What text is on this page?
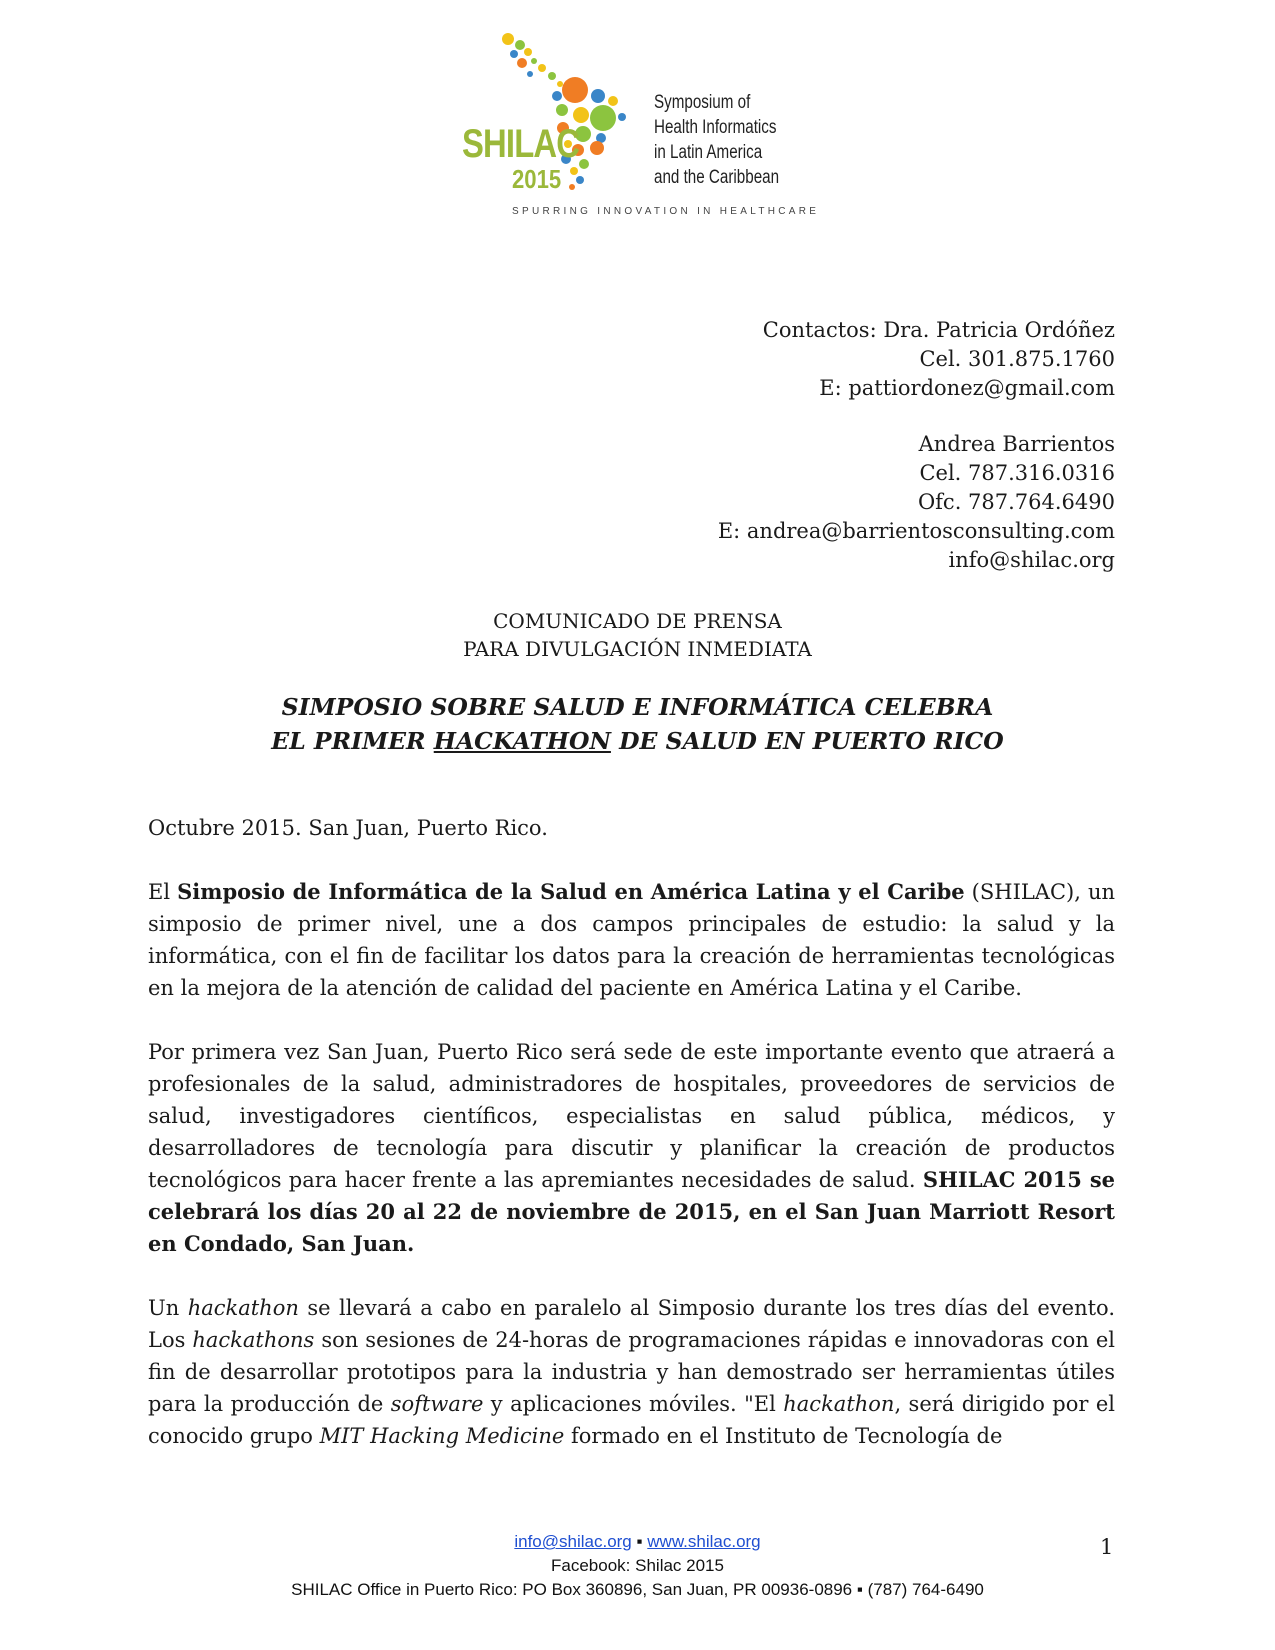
SHILAC
2015
Symposium of
Health Informatics
in Latin America
and the Caribbean
SPURRING INNOVATION IN HEALTHCARE
Contactos: Dra. Patricia Ordóñez
Cel. 301.875.1760
E: pattiordonez@gmail.com
Andrea Barrientos
Cel. 787.316.0316
Ofc. 787.764.6490
E: andrea@barrientosconsulting.com
info@shilac.org
COMUNICADO DE PRENSA
PARA DIVULGACIÓN INMEDIATA
SIMPOSIO SOBRE SALUD E INFORMÁTICA CELEBRA
EL PRIMER HACKATHON DE SALUD EN PUERTO RICO

Octubre 2015. San Juan, Puerto Rico.

El Simposio de Informática de la Salud en América Latina y el Caribe (SHILAC), un simposio de primer nivel, une a dos campos principales de estudio: la salud y la informática, con el fin de facilitar los datos para la creación de herramientas tecnológicas en la mejora de la atención de calidad del paciente en América Latina y el Caribe.

Por primera vez San Juan, Puerto Rico será sede de este importante evento que atraerá a profesionales de la salud, administradores de hospitales, proveedores de servicios de salud, investigadores científicos, especialistas en salud pública, médicos, y desarrolladores de tecnología para discutir y planificar la creación de productos tecnológicos para hacer frente a las apremiantes necesidades de salud. SHILAC 2015 se celebrará los días 20 al 22 de noviembre de 2015, en el San Juan Marriott Resort en Condado, San Juan.

Un hackathon se llevará a cabo en paralelo al Simposio durante los tres días del evento. Los hackathons son sesiones de 24-horas de programaciones rápidas e innovadoras con el fin de desarrollar prototipos para la industria y han demostrado ser herramientas útiles para la producción de software y aplicaciones móviles. "El hackathon, será dirigido por el conocido grupo MIT Hacking Medicine formado en el Instituto de Tecnología de

info@shilac.org ▪ www.shilac.org
Facebook: Shilac 2015
SHILAC Office in Puerto Rico: PO Box 360896, San Juan, PR 00936-0896 ▪ (787) 764-6490
1
